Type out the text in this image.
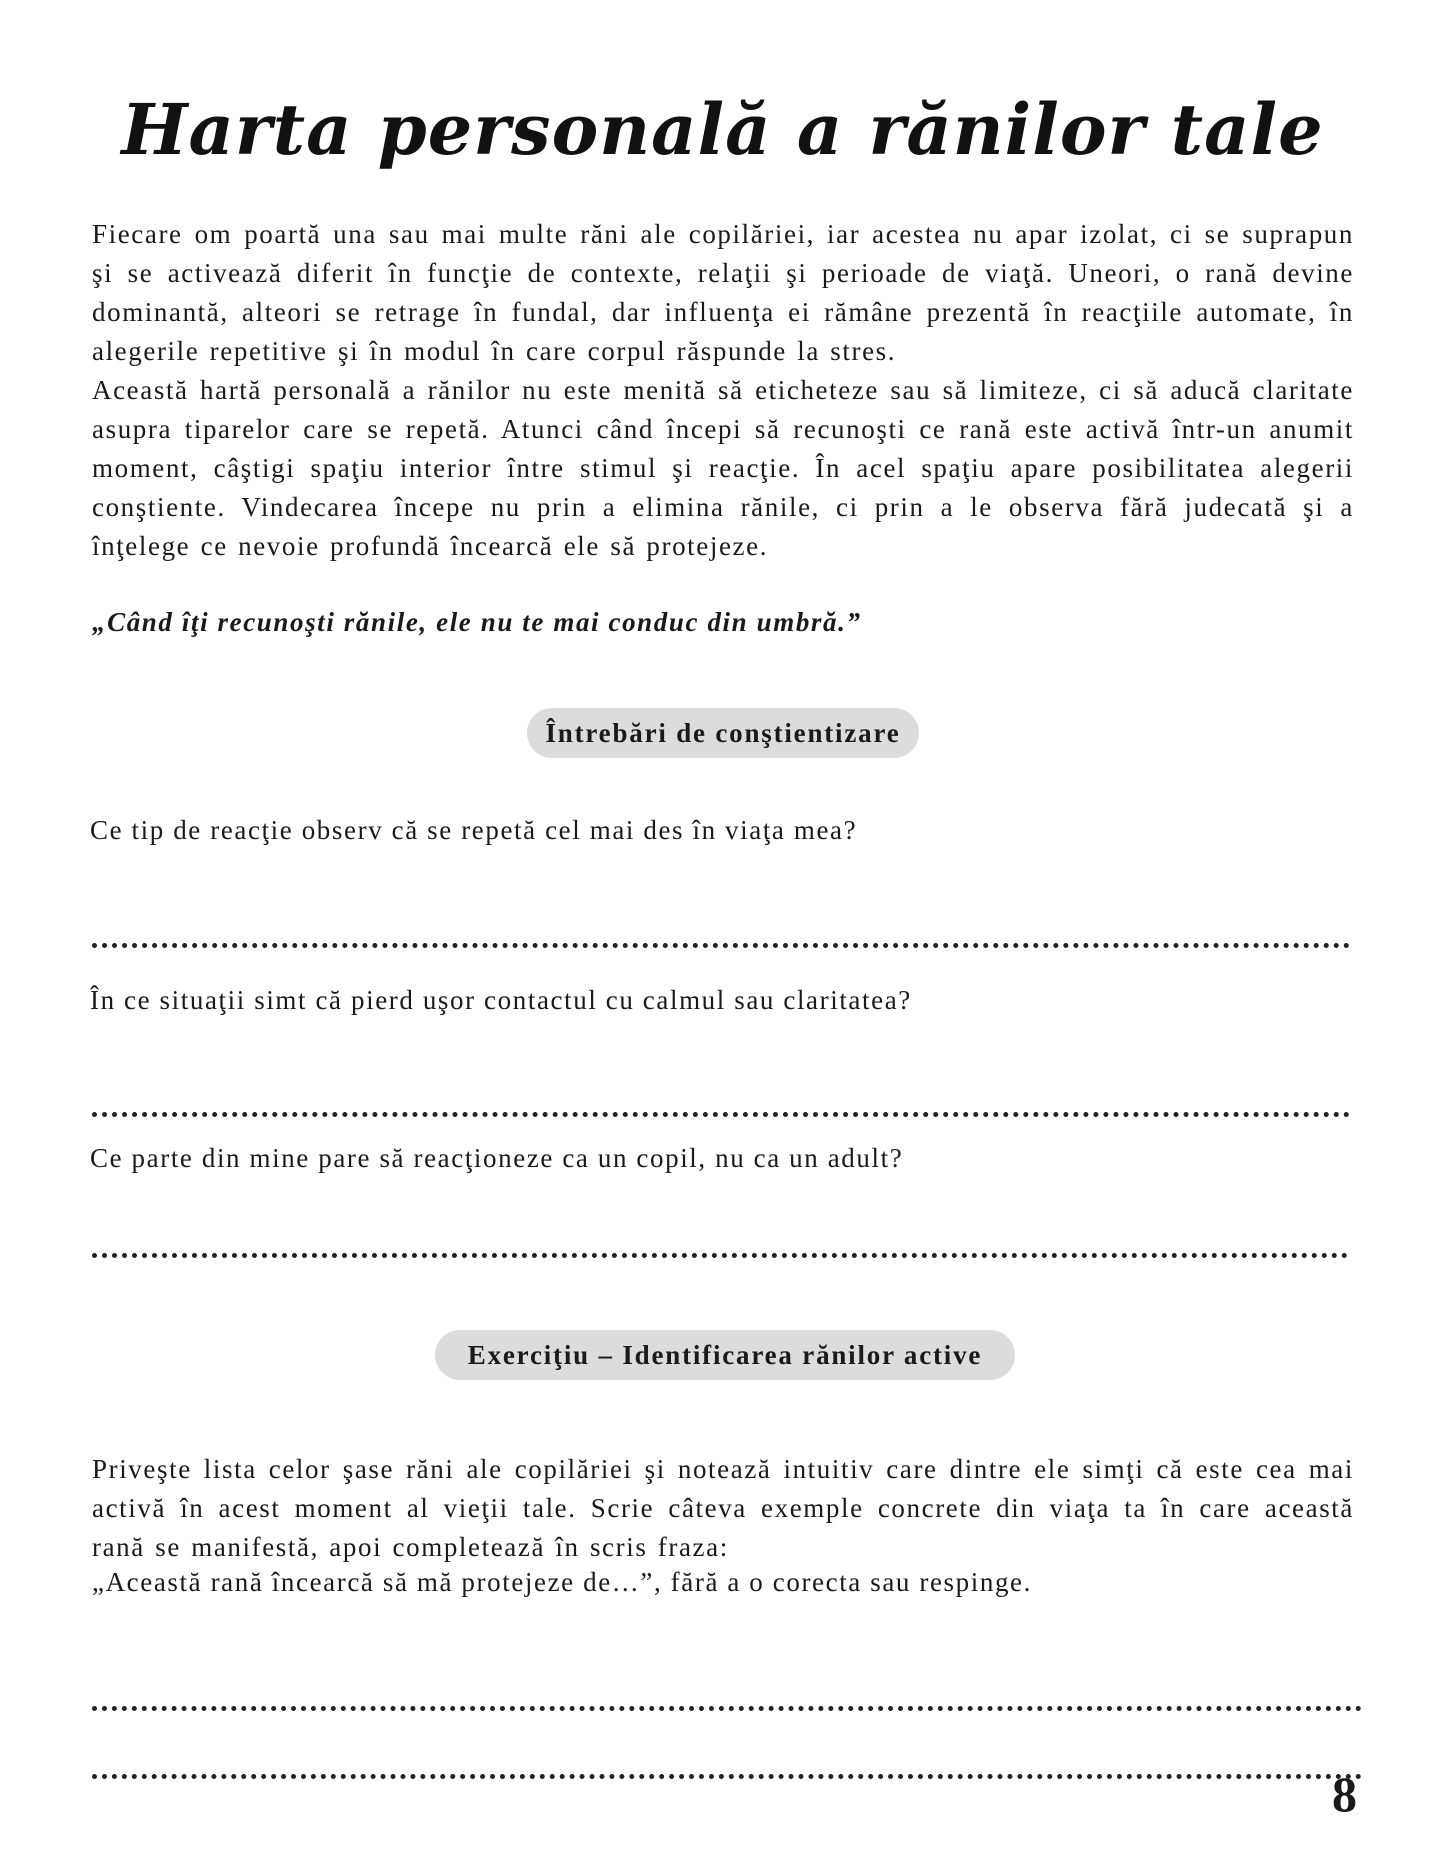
Harta personală a rănilor tale

Fiecare om poartă una sau mai multe răni ale copilăriei, iar acestea nu apar izolat, ci se suprapun şi se activează diferit în funcţie de contexte, relaţii şi perioade de viaţă. Uneori, o rană devine dominantă, alteori se retrage în fundal, dar influenţa ei rămâne prezentă în reacţiile automate, în alegerile repetitive şi în modul în care corpul răspunde la stres.

Această hartă personală a rănilor nu este menită să eticheteze sau să limiteze, ci să aducă claritate asupra tiparelor care se repetă. Atunci când începi să recunoşti ce rană este activă într-un anumit moment, câştigi spaţiu interior între stimul şi reacţie. În acel spaţiu apare posibilitatea alegerii conştiente. Vindecarea începe nu prin a elimina rănile, ci prin a le observa fără judecată şi a înţelege ce nevoie profundă încearcă ele să protejeze.

„Când îţi recunoşti rănile, ele nu te mai conduc din umbră.”
Întrebări de conştientizare
Ce tip de reacţie observ că se repetă cel mai des în viaţa mea?
În ce situaţii simt că pierd uşor contactul cu calmul sau claritatea?
Ce parte din mine pare să reacţioneze ca un copil, nu ca un adult?
Exerciţiu – Identificarea rănilor active

Priveşte lista celor şase răni ale copilăriei şi notează intuitiv care dintre ele simţi că este cea mai activă în acest moment al vieţii tale. Scrie câteva exemple concrete din viaţa ta în care această rană se manifestă, apoi completează în scris fraza:

„Această rană încearcă să mă protejeze de…”, fără a o corecta sau respinge.
8
